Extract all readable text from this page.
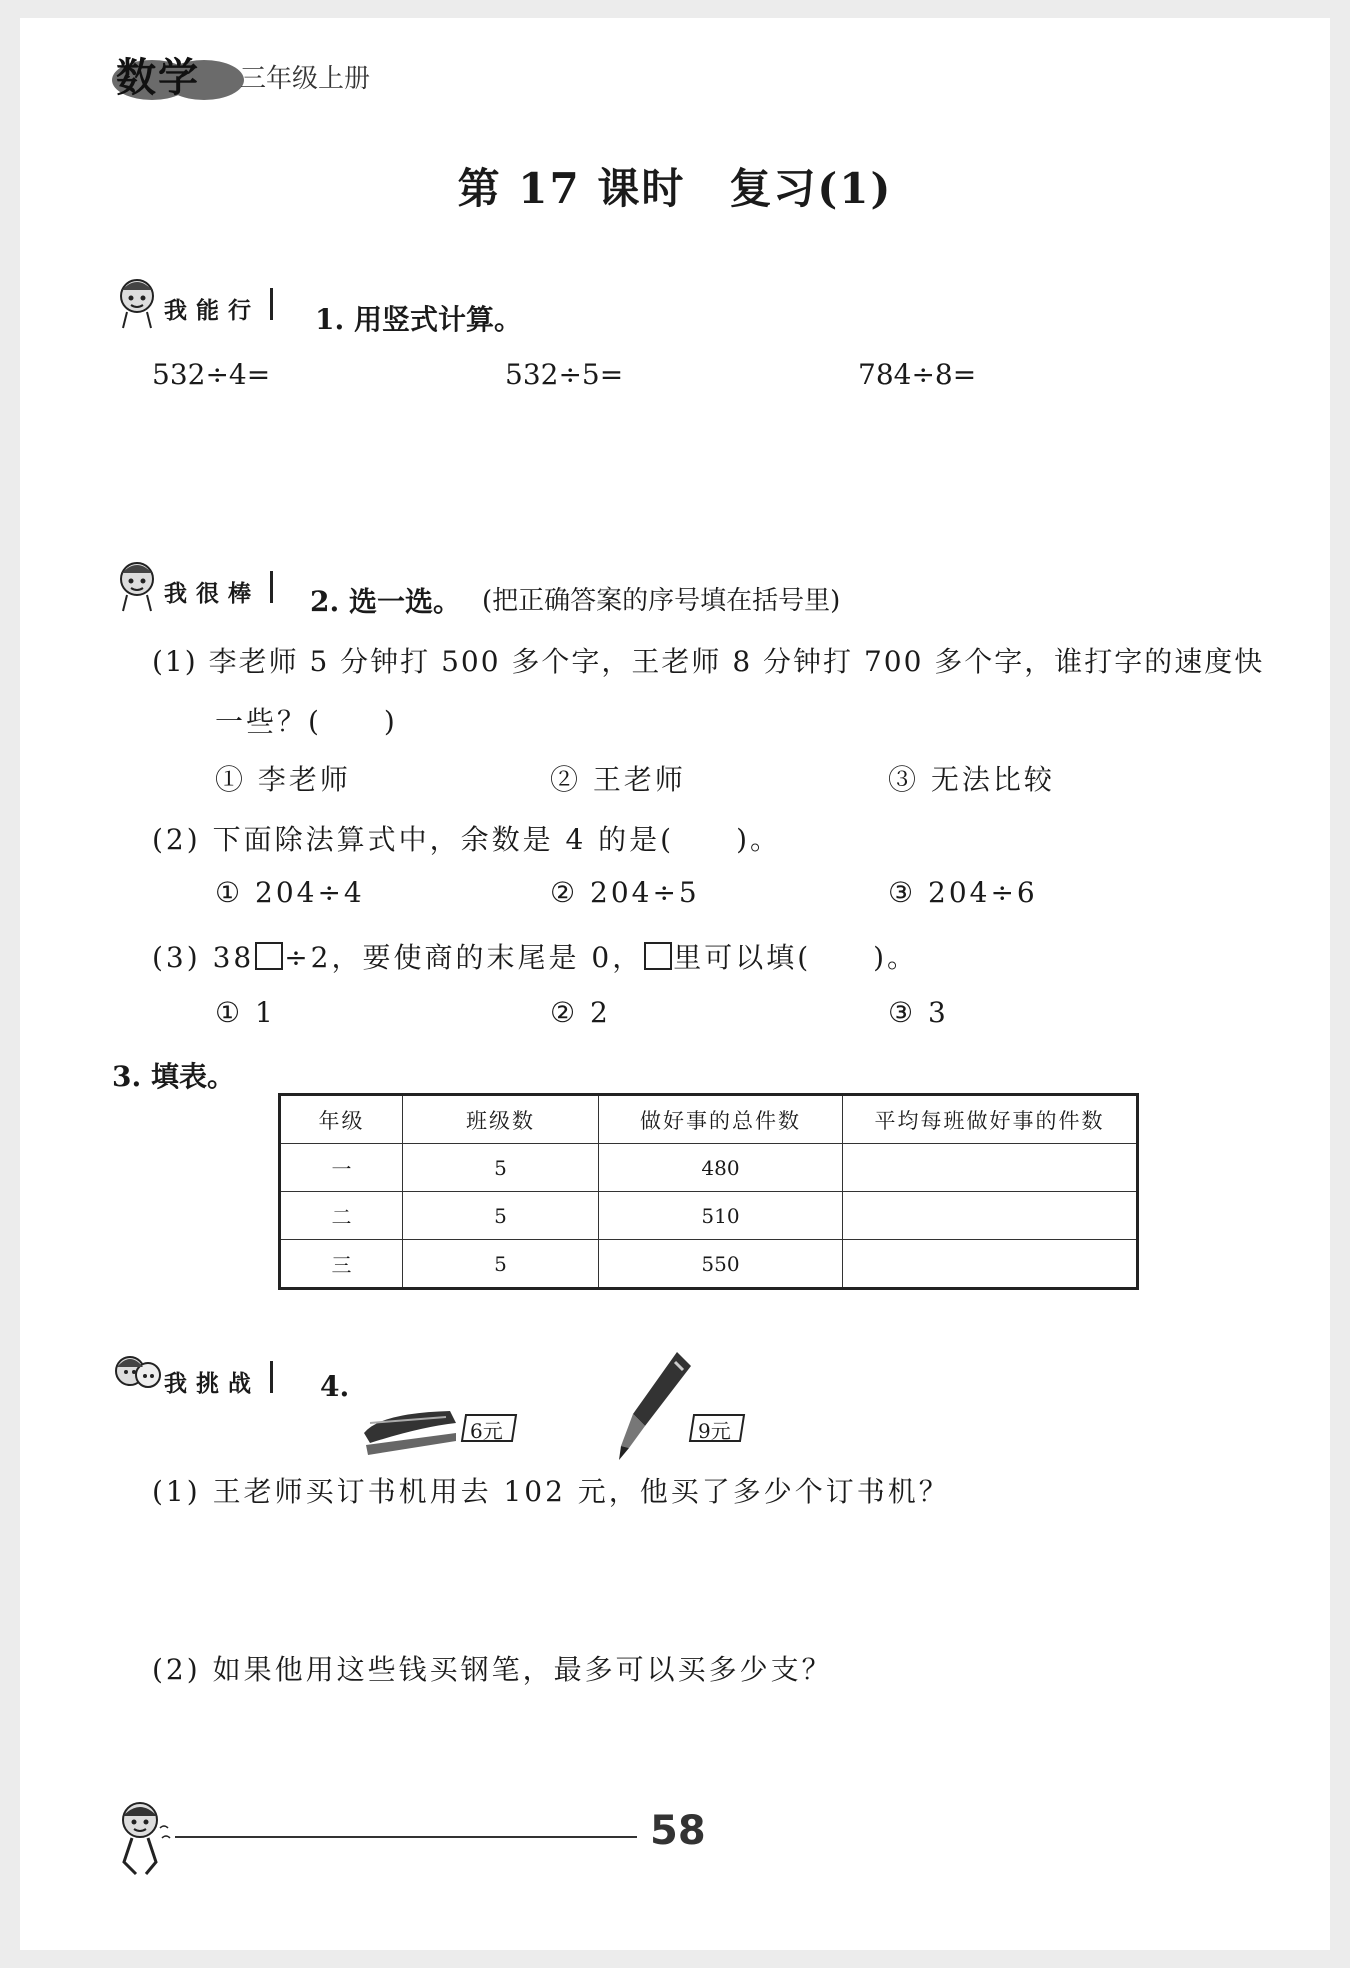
数学 三年级上册
第 17 课时　复习(1)
我能行 1. 用竖式计算。
532÷4=	532÷5=	784÷8=
我很棒 2. 选一选。 (把正确答案的序号填在括号里)
(1) 李老师 5 分钟打 500 多个字，王老师 8 分钟打 700 多个字，谁打字的速度快
一些？(　　)
① 李老师	② 王老师	③ 无法比较
(2) 下面除法算式中，余数是 4 的是(　　)。
① 204÷4	② 204÷5	③ 204÷6
(3) 38 ÷2，要使商的末尾是 0， 里可以填(　　)。
① 1	② 2	③ 3
3. 填表。
年级	班级数	做好事的总件数	平均每班做好事的件数
一	5	480	
二	5	510	
三	5	550	
我挑战 4.
6元	9元
(1) 王老师买订书机用去 102 元，他买了多少个订书机？
(2) 如果他用这些钱买钢笔，最多可以买多少支？
58
